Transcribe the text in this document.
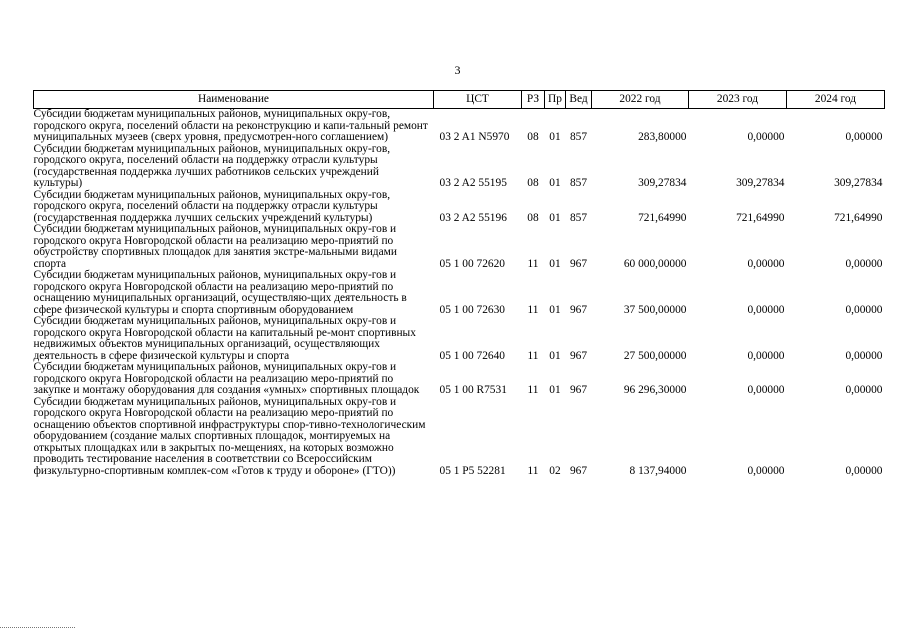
3
Наименование	ЦСТ	РЗ	Пр	Вед	2022 год	2023 год	2024 год
Субсидии бюджетам муниципальных районов, муниципальных окру-гов, городского округа, поселений области на реконструкцию и капи-тальный ремонт муниципальных музеев (сверх уровня, предусмотрен-ного соглашением)	03 2 A1 N5970	08	01	857	283,80000	0,00000	0,00000
Субсидии бюджетам муниципальных районов, муниципальных окру-гов, городского округа, поселений области на поддержку отрасли культуры (государственная поддержка лучших работников сельских учреждений культуры)	03 2 A2 55195	08	01	857	309,27834	309,27834	309,27834
Субсидии бюджетам муниципальных районов, муниципальных окру-гов, городского округа, поселений области на поддержку отрасли культуры (государственная поддержка лучших сельских учреждений культуры)	03 2 A2 55196	08	01	857	721,64990	721,64990	721,64990
Субсидии бюджетам муниципальных районов, муниципальных окру-гов и городского округа Новгородской области на реализацию меро-приятий по обустройству спортивных площадок для занятия экстре-мальными видами спорта	05 1 00 72620	11	01	967	60 000,00000	0,00000	0,00000
Субсидии бюджетам муниципальных районов, муниципальных окру-гов и городского округа Новгородской области на реализацию меро-приятий по оснащению муниципальных организаций, осуществляю-щих деятельность в сфере физической культуры и спорта спортивным оборудованием	05 1 00 72630	11	01	967	37 500,00000	0,00000	0,00000
Субсидии бюджетам муниципальных районов, муниципальных окру-гов и городского округа Новгородской области на капитальный ре-монт спортивных недвижимых объектов муниципальных организаций, осуществляющих деятельность в сфере физической культуры и спорта	05 1 00 72640	11	01	967	27 500,00000	0,00000	0,00000
Субсидии бюджетам муниципальных районов, муниципальных окру-гов и городского округа Новгородской области на реализацию меро-приятий по закупке и монтажу оборудования для создания «умных» спортивных площадок	05 1 00 R7531	11	01	967	96 296,30000	0,00000	0,00000
Субсидии бюджетам муниципальных районов, муниципальных окру-гов и городского округа Новгородской области на реализацию меро-приятий по оснащению объектов спортивной инфраструктуры спор-тивно-технологическим оборудованием (создание малых спортивных площадок, монтируемых на открытых площадках или в закрытых по-мещениях, на которых возможно проводить тестирование населения в соответствии со Всероссийским физкультурно-спортивным комплек-сом «Готов к труду и обороне» (ГТО))	05 1 P5 52281	11	02	967	8 137,94000	0,00000	0,00000
